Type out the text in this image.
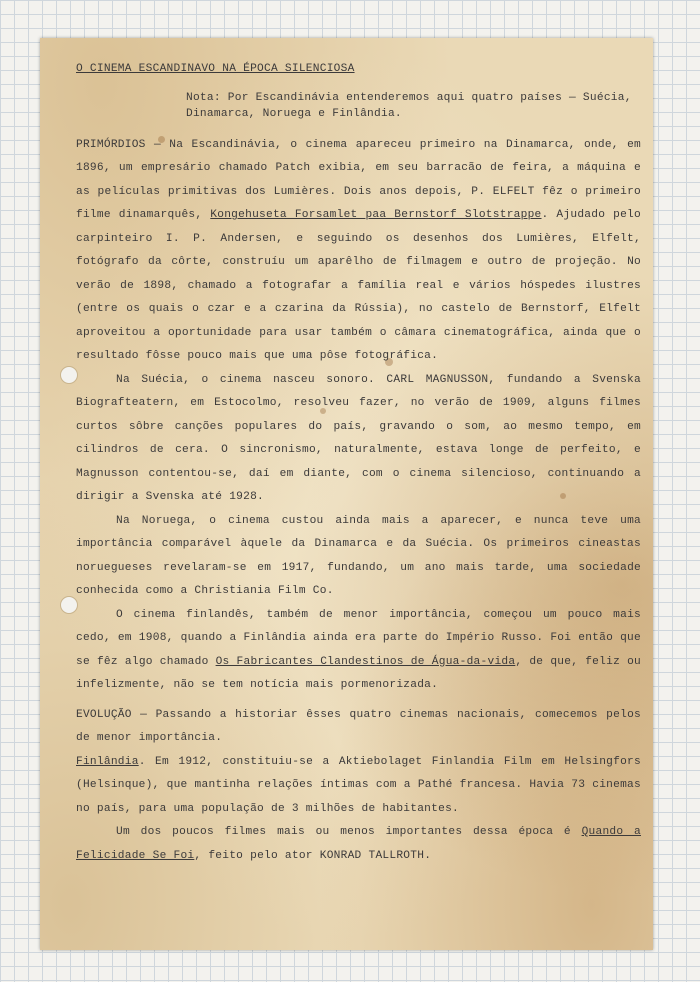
O CINEMA ESCANDINAVO NA ÉPOCA SILENCIOSA

Nota: Por Escandinávia entenderemos aqui quatro países — Suécia, Dinamarca, Noruega e Finlândia.

PRIMÓRDIOS — Na Escandinávia, o cinema apareceu primeiro na Dinamarca, onde, em 1896, um empresário chamado Patch exibia, em seu barracão de feira, a máquina e as películas primitivas dos Lumières. Dois anos depois, P. ELFELT fêz o primeiro filme dinamarquês, Kongehuseta Forsamlet paa Bernstorf Slotstrappe. Ajudado pelo carpinteiro I. P. Andersen, e seguindo os desenhos dos Lumières, Elfelt, fotógrafo da côrte, construíu um aparêlho de filmagem e outro de projeção. No verão de 1898, chamado a fotografar a família real e vários hóspedes ilustres (entre os quais o czar e a czarina da Rússia), no castelo de Bernstorf, Elfelt aproveitou a oportunidade para usar também o câmara cinematográfica, ainda que o resultado fôsse pouco mais que uma pôse fotográfica.

Na Suécia, o cinema nasceu sonoro. CARL MAGNUSSON, fundando a Svenska Biografteatern, em Estocolmo, resolveu fazer, no verão de 1909, alguns filmes curtos sôbre canções populares do país, gravando o som, ao mesmo tempo, em cilindros de cera. O sincronismo, naturalmente, estava longe de perfeito, e Magnusson contentou-se, daí em diante, com o cinema silencioso, continuando a dirigir a Svenska até 1928.

Na Noruega, o cinema custou ainda mais a aparecer, e nunca teve uma importância comparável àquele da Dinamarca e da Suécia. Os primeiros cineastas noruegueses revelaram-se em 1917, fundando, um ano mais tarde, uma sociedade conhecida como a Christiania Film Co.

O cinema finlandês, também de menor importância, começou um pouco mais cedo, em 1908, quando a Finlândia ainda era parte do Império Russo. Foi então que se fêz algo chamado Os Fabricantes Clandestinos de Água-da-vida, de que, feliz ou infelizmente, não se tem notícia mais pormenorizada.

EVOLUÇÃO — Passando a historiar êsses quatro cinemas nacionais, comecemos pelos de menor importância.

Finlândia. Em 1912, constituiu-se a Aktiebolaget Finlandia Film em Helsingfors (Helsinque), que mantinha relações íntimas com a Pathé francesa. Havia 73 cinemas no país, para uma população de 3 milhões de habitantes.

Um dos poucos filmes mais ou menos importantes dessa época é Quando a Felicidade Se Foi, feito pelo ator KONRAD TALLROTH.
